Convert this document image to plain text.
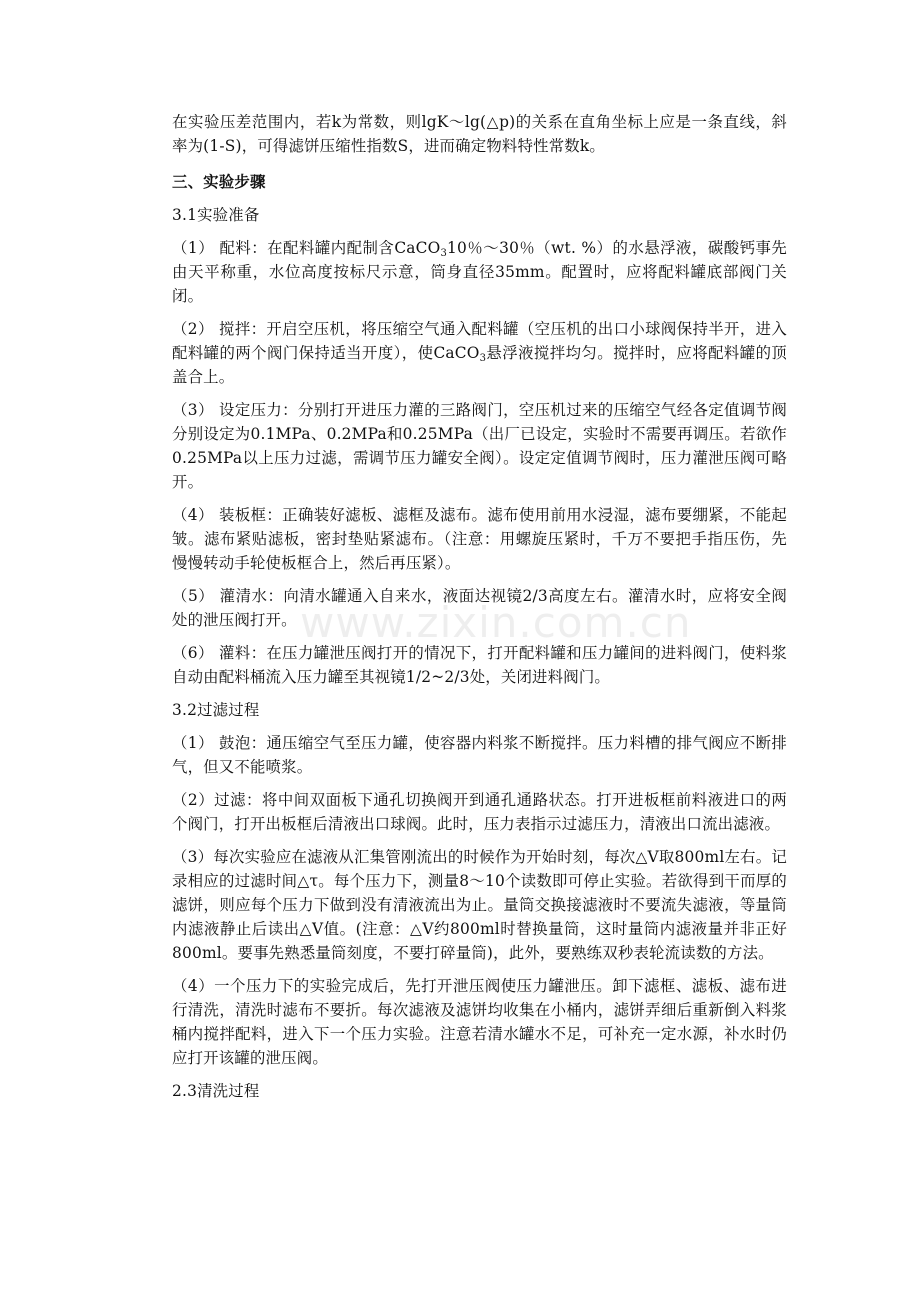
在实验压差范围内，若k为常数，则lgK～lg(△p)的关系在直角坐标上应是一条直线，斜率为(1-S)，可得滤饼压缩性指数S，进而确定物料特性常数k。

三、实验步骤

3.1实验准备

（1） 配料：在配料罐内配制含CaCO$_3$10％～30％（wt. %）的水悬浮液，碳酸钙事先由天平称重，水位高度按标尺示意，筒身直径35mm。配置时，应将配料罐底部阀门关闭。

（2） 搅拌：开启空压机，将压缩空气通入配料罐（空压机的出口小球阀保持半开，进入配料罐的两个阀门保持适当开度），使CaCO$_3$悬浮液搅拌均匀。搅拌时，应将配料罐的顶盖合上。

（3） 设定压力：分别打开进压力灌的三路阀门，空压机过来的压缩空气经各定值调节阀分别设定为0.1MPa、0.2MPa和0.25MPa（出厂已设定，实验时不需要再调压。若欲作0.25MPa以上压力过滤，需调节压力罐安全阀）。设定定值调节阀时，压力灌泄压阀可略开。

（4） 装板框：正确装好滤板、滤框及滤布。滤布使用前用水浸湿，滤布要绷紧，不能起皱。滤布紧贴滤板，密封垫贴紧滤布。（注意：用螺旋压紧时，千万不要把手指压伤，先慢慢转动手轮使板框合上，然后再压紧）。

（5） 灌清水：向清水罐通入自来水，液面达视镜2/3高度左右。灌清水时，应将安全阀处的泄压阀打开。

（6） 灌料：在压力罐泄压阀打开的情况下，打开配料罐和压力罐间的进料阀门，使料浆自动由配料桶流入压力罐至其视镜1/2~2/3处，关闭进料阀门。

3.2过滤过程

（1） 鼓泡：通压缩空气至压力罐，使容器内料浆不断搅拌。压力料槽的排气阀应不断排气，但又不能喷浆。

（2）过滤：将中间双面板下通孔切换阀开到通孔通路状态。打开进板框前料液进口的两个阀门，打开出板框后清液出口球阀。此时，压力表指示过滤压力，清液出口流出滤液。

（3）每次实验应在滤液从汇集管刚流出的时候作为开始时刻，每次△V取800ml左右。记录相应的过滤时间△τ。每个压力下，测量8～10个读数即可停止实验。若欲得到干而厚的滤饼，则应每个压力下做到没有清液流出为止。量筒交换接滤液时不要流失滤液，等量筒内滤液静止后读出△V值。(注意：△V约800ml时替换量筒，这时量筒内滤液量并非正好800ml。要事先熟悉量筒刻度，不要打碎量筒)，此外，要熟练双秒表轮流读数的方法。

（4）一个压力下的实验完成后，先打开泄压阀使压力罐泄压。卸下滤框、滤板、滤布进行清洗，清洗时滤布不要折。每次滤液及滤饼均收集在小桶内，滤饼弄细后重新倒入料浆桶内搅拌配料，进入下一个压力实验。注意若清水罐水不足，可补充一定水源，补水时仍应打开该罐的泄压阀。

2.3清洗过程

www.zixin.com.cn
